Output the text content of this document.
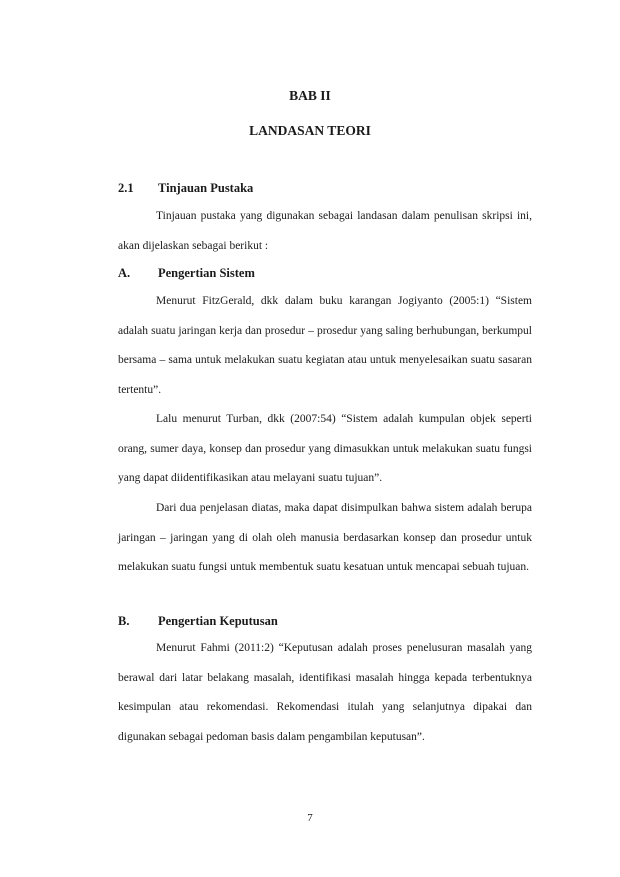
BAB II
LANDASAN TEORI
2.1 Tinjauan Pustaka
Tinjauan pustaka yang digunakan sebagai landasan dalam penulisan skripsi ini, akan dijelaskan sebagai berikut :
A. Pengertian Sistem
Menurut FitzGerald, dkk dalam buku karangan Jogiyanto (2005:1) “Sistem adalah suatu jaringan kerja dan prosedur – prosedur yang saling berhubungan, berkumpul bersama – sama untuk melakukan suatu kegiatan atau untuk menyelesaikan suatu sasaran tertentu”.
Lalu menurut Turban, dkk (2007:54) “Sistem adalah kumpulan objek seperti orang, sumer daya, konsep dan prosedur yang dimasukkan untuk melakukan suatu fungsi yang dapat diidentifikasikan atau melayani suatu tujuan”.
Dari dua penjelasan diatas, maka dapat disimpulkan bahwa sistem adalah berupa jaringan – jaringan yang di olah oleh manusia berdasarkan konsep dan prosedur untuk melakukan suatu fungsi untuk membentuk suatu kesatuan untuk mencapai sebuah tujuan.
B. Pengertian Keputusan
Menurut Fahmi (2011:2) “Keputusan adalah proses penelusuran masalah yang berawal dari latar belakang masalah, identifikasi masalah hingga kepada terbentuknya kesimpulan atau rekomendasi. Rekomendasi itulah yang selanjutnya dipakai dan digunakan sebagai pedoman basis dalam pengambilan keputusan”.
7
